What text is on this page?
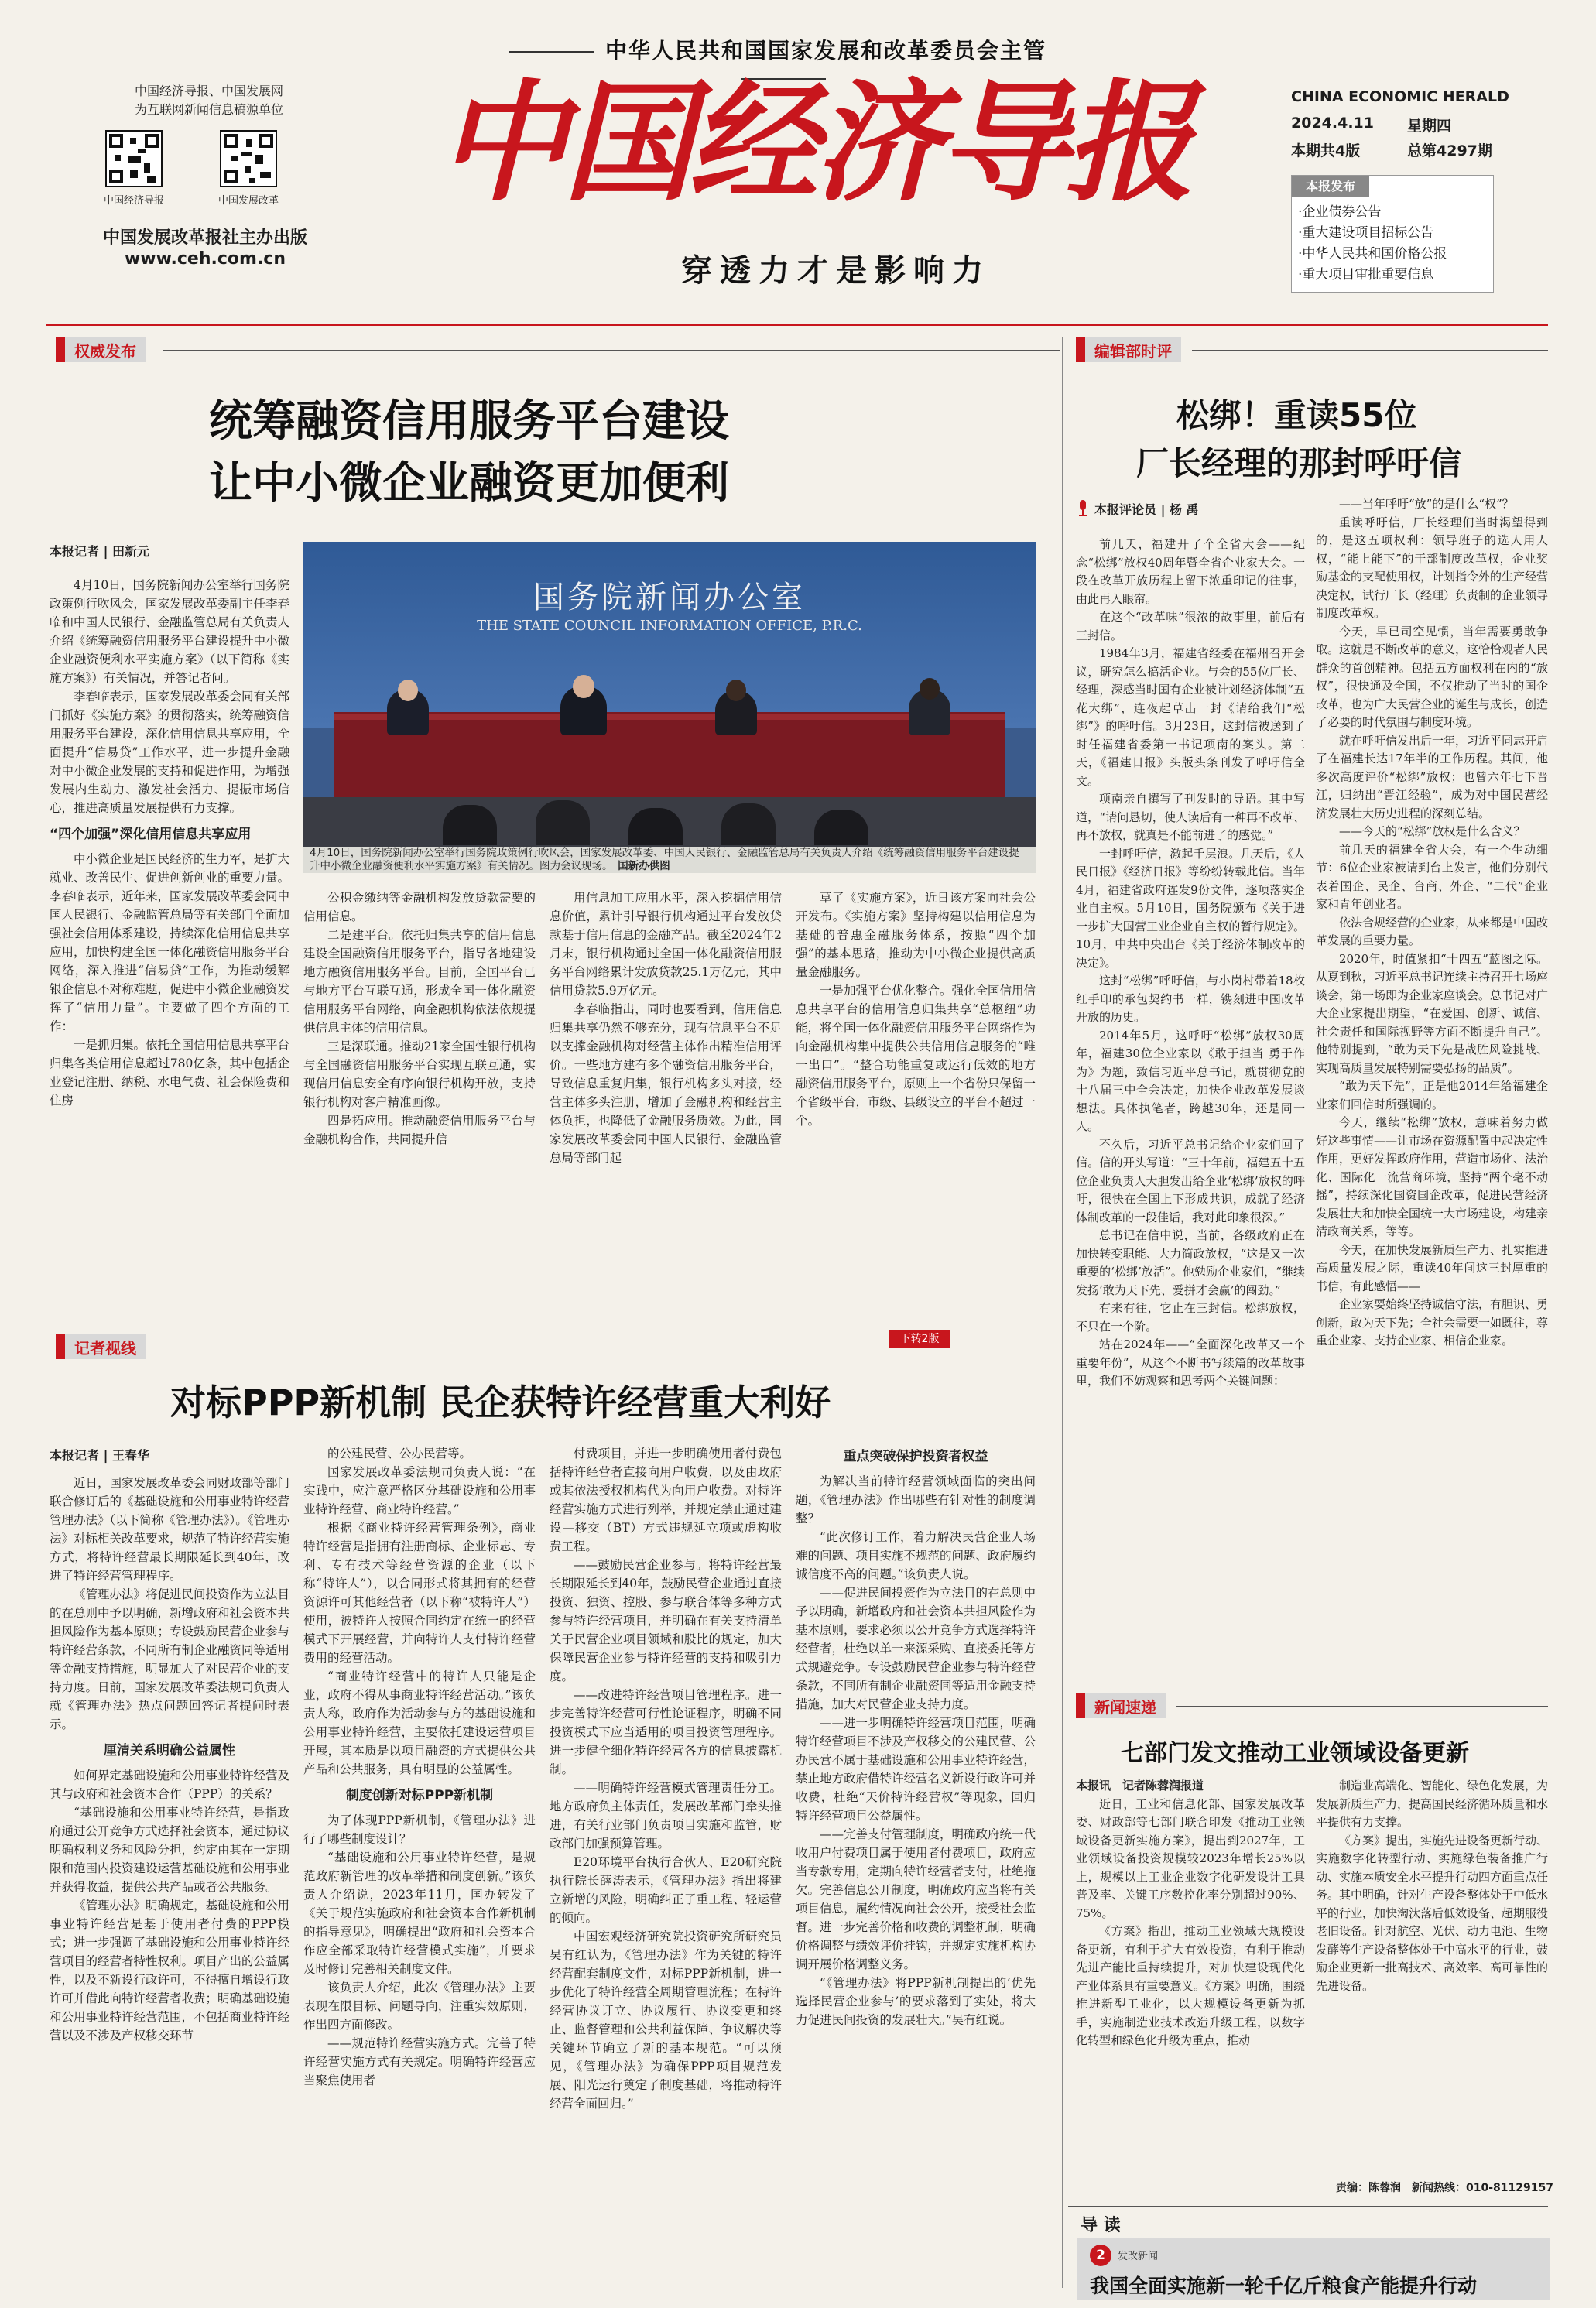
中华人民共和国国家发展和改革委员会主管
中国经济导报、中国发展网
为互联网新闻信息稿源单位
中国经济导报	中国发展改革
中国发展改革报社主办出版
www.ceh.com.cn
中国经济导报
穿透力才是影响力
CHINA ECONOMIC HERALD
2024.4.11 星期四
本期共4版	总第4297期
本报发布
·企业债券公告
·重大建设项目招标公告
·中华人民共和国价格公报
·重大项目审批重要信息
权威发布
统筹融资信用服务平台建设
让中小微企业融资更加便利
本报记者 | 田新元
国务院新闻办公室
THE STATE COUNCIL INFORMATION OFFICE, P.R.C.
4月10日，国务院新闻办公室举行国务院政策例行吹风会，国家发展改革委、中国人民银行、金融监管总局有关负责人介绍《统筹融资信用服务平台建设提升中小微企业融资便利水平实施方案》有关情况。图为会议现场。　 国新办供图

4月10日，国务院新闻办公室举行国务院政策例行吹风会，国家发展改革委副主任李春临和中国人民银行、金融监管总局有关负责人介绍《统筹融资信用服务平台建设提升中小微企业融资便利水平实施方案》（以下简称《实施方案》）有关情况，并答记者问。

李春临表示，国家发展改革委会同有关部门抓好《实施方案》的贯彻落实，统筹融资信用服务平台建设，深化信用信息共享应用，全面提升“信易贷”工作水平，进一步提升金融对中小微企业发展的支持和促进作用，为增强发展内生动力、激发社会活力、提振市场信心，推进高质量发展提供有力支撑。

“四个加强”深化信用信息共享应用

中小微企业是国民经济的生力军，是扩大就业、改善民生、促进创新创业的重要力量。李春临表示，近年来，国家发展改革委会同中国人民银行、金融监管总局等有关部门全面加强社会信用体系建设，持续深化信用信息共享应用，加快构建全国一体化融资信用服务平台网络，深入推进“信易贷”工作，为推动缓解银企信息不对称难题，促进中小微企业融资发挥了“信用力量”。主要做了四个方面的工作：

一是抓归集。依托全国信用信息共享平台归集各类信用信息超过780亿条，其中包括企业登记注册、纳税、水电气费、社会保险费和住房

公积金缴纳等金融机构发放贷款需要的信用信息。

二是建平台。依托归集共享的信用信息建设全国融资信用服务平台，指导各地建设地方融资信用服务平台。目前，全国平台已与地方平台互联互通，形成全国一体化融资信用服务平台网络，向金融机构依法依规提供信息主体的信用信息。

三是深联通。推动21家全国性银行机构与全国融资信用服务平台实现互联互通，实现信用信息安全有序向银行机构开放，支持银行机构对客户精准画像。

四是拓应用。推动融资信用服务平台与金融机构合作，共同提升信

用信息加工应用水平，深入挖掘信用信息价值，累计引导银行机构通过平台发放贷款基于信用信息的金融产品。截至2024年2月末，银行机构通过全国一体化融资信用服务平台网络累计发放贷款25.1万亿元，其中信用贷款5.9万亿元。

李春临指出，同时也要看到，信用信息归集共享仍然不够充分，现有信息平台不足以支撑金融机构对经营主体作出精准信用评价。一些地方建有多个融资信用服务平台，导致信息重复归集，银行机构多头对接，经营主体多头注册，增加了金融机构和经营主体负担，也降低了金融服务质效。为此，国家发展改革委会同中国人民银行、金融监管总局等部门起

草了《实施方案》，近日该方案向社会公开发布。《实施方案》坚持构建以信用信息为基础的普惠金融服务体系，按照“四个加强”的基本思路，推动为中小微企业提供高质量金融服务。

一是加强平台优化整合。强化全国信用信息共享平台的信用信息归集共享“总枢纽”功能，将全国一体化融资信用服务平台网络作为向金融机构集中提供公共信用信息服务的“唯一出口”。“整合功能重复或运行低效的地方融资信用服务平台，原则上一个省份只保留一个省级平台，市级、县级设立的平台不超过一个。

下转2版
记者视线
对标PPP新机制 民企获特许经营重大利好
本报记者 | 王春华

近日，国家发展改革委会同财政部等部门联合修订后的《基础设施和公用事业特许经营管理办法》（以下简称《管理办法》）。《管理办法》对标相关改革要求，规范了特许经营实施方式，将特许经营最长期限延长到40年，改进了特许经营管理程序。

《管理办法》将促进民间投资作为立法目的在总则中予以明确，新增政府和社会资本共担风险作为基本原则；专设鼓励民营企业参与特许经营条款，不同所有制企业融资同等适用等金融支持措施，明显加大了对民营企业的支持力度。日前，国家发展改革委法规司负责人就《管理办法》热点问题回答记者提问时表示。

厘清关系明确公益属性

如何界定基础设施和公用事业特许经营及其与政府和社会资本合作（PPP）的关系？

“基础设施和公用事业特许经营，是指政府通过公开竞争方式选择社会资本，通过协议明确权利义务和风险分担，约定由其在一定期限和范围内投资建设运营基础设施和公用事业并获得收益，提供公共产品或者公共服务。

《管理办法》明确规定，基础设施和公用事业特许经营是基于使用者付费的PPP模式；进一步强调了基础设施和公用事业特许经营项目的经营者特性权利。项目产出的公益属性，以及不新设行政许可，不得擅自增设行政许可并借此向特许经营者收费；明确基础设施和公用事业特许经营范围，不包括商业特许经营以及不涉及产权移交环节

的公建民营、公办民营等。

国家发展改革委法规司负责人说：“在实践中，应注意严格区分基础设施和公用事业特许经营、商业特许经营。”

根据《商业特许经营管理条例》，商业特许经营是指拥有注册商标、企业标志、专利、专有技术等经营资源的企业（以下称“特许人”），以合同形式将其拥有的经营资源许可其他经营者（以下称“被特许人”）使用，被特许人按照合同约定在统一的经营模式下开展经营，并向特许人支付特许经营费用的经营活动。

“商业特许经营中的特许人只能是企业，政府不得从事商业特许经营活动。”该负责人称，政府作为活动参与方的基础设施和公用事业特许经营，主要依托建设运营项目开展，其本质是以项目融资的方式提供公共产品和公共服务，具有明显的公益属性。

制度创新对标PPP新机制

为了体现PPP新机制，《管理办法》进行了哪些制度设计？

“基础设施和公用事业特许经营，是规范政府新管理的改革举措和制度创新。”该负责人介绍说，2023年11月，国办转发了《关于规范实施政府和社会资本合作新机制的指导意见》，明确提出“政府和社会资本合作应全部采取特许经营模式实施”，并要求及时修订完善相关制度文件。

该负责人介绍，此次《管理办法》主要表现在限目标、问题导向，注重实效原则，作出四方面修改。

——规范特许经营实施方式。完善了特许经营实施方式有关规定。明确特许经营应当聚焦使用者

付费项目，并进一步明确使用者付费包括特许经营者直接向用户收费，以及由政府或其依法授权机构代为向用户收费。对特许经营实施方式进行列举，并规定禁止通过建设—移交（BT）方式违规延立项或虚构收费工程。

——鼓励民营企业参与。将特许经营最长期限延长到40年，鼓励民营企业通过直接投资、独资、控股、参与联合体等多种方式参与特许经营项目，并明确在有关支持清单关于民营企业项目领域和股比的规定，加大保障民营企业参与特许经营的支持和吸引力度。

——改进特许经营项目管理程序。进一步完善特许经营可行性论证程序，明确不同投资模式下应当适用的项目投资管理程序。进一步健全细化特许经营各方的信息披露机制。

——明确特许经营模式管理责任分工。地方政府负主体责任，发展改革部门牵头推进，有关行业部门负责项目实施和监管，财政部门加强预算管理。

E20环境平台执行合伙人、E20研究院执行院长薛涛表示，《管理办法》指出将建立新增的风险，明确纠正了重工程、轻运营的倾向。

中国宏观经济研究院投资研究所研究员吴有红认为，《管理办法》作为关键的特许经营配套制度文件，对标PPP新机制，进一步优化了特许经营全周期管理流程；在特许经营协议订立、协议履行、协议变更和终止、监督管理和公共利益保障、争议解决等关键环节确立了新的基本规范。“可以预见，《管理办法》为确保PPP项目规范发展、阳光运行奠定了制度基础，将推动特许经营全面回归。”

重点突破保护投资者权益

为解决当前特许经营领域面临的突出问题，《管理办法》作出哪些有针对性的制度调整？

“此次修订工作，着力解决民营企业人场难的问题、项目实施不规范的问题、政府履约诚信度不高的问题。”该负责人说。

——促进民间投资作为立法目的在总则中予以明确，新增政府和社会资本共担风险作为基本原则，要求必须以公开竞争方式选择特许经营者，杜绝以单一来源采购、直接委托等方式规避竞争。专设鼓励民营企业参与特许经营条款，不同所有制企业融资同等适用金融支持措施，加大对民营企业支持力度。

——进一步明确特许经营项目范围，明确特许经营项目不涉及产权移交的公建民营、公办民营不属于基础设施和公用事业特许经营，禁止地方政府借特许经营名义新设行政许可并收费，杜绝“天价特许经营权”等现象，回归特许经营项目公益属性。

——完善支付管理制度，明确政府统一代收用户付费项目属于使用者付费项目，政府应当专款专用，定期向特许经营者支付，杜绝拖欠。完善信息公开制度，明确政府应当将有关项目信息，履约情况向社会公开，接受社会监督。进一步完善价格和收费的调整机制，明确价格调整与绩效评价挂钩，并规定实施机构协调开展价格调整义务。

“《管理办法》将PPP新机制提出的‘优先选择民营企业参与’的要求落到了实处，将大力促进民间投资的发展壮大。”吴有红说。

编辑部时评
松绑！重读55位
厂长经理的那封呼吁信
本报评论员 | 杨 禹

前几天，福建开了个全省大会——纪念“松绑”放权40周年暨全省企业家大会。一段在改革开放历程上留下浓重印记的往事，由此再入眼帘。

在这个“改革味”很浓的故事里，前后有三封信。

1984年3月，福建省经委在福州召开会议，研究怎么搞活企业。与会的55位厂长、经理，深感当时国有企业被计划经济体制“五花大绑”，连夜起草出一封《请给我们“松绑”》的呼吁信。3月23日，这封信被送到了时任福建省委第一书记项南的案头。第二天，《福建日报》头版头条刊发了呼吁信全文。

项南亲自撰写了刊发时的导语。其中写道，“请问恳切，使人读后有一种再不改革、再不放权，就真是不能前进了的感觉。”

一封呼吁信，激起千层浪。几天后，《人民日报》《经济日报》等纷纷转载此信。当年4月，福建省政府连发9份文件，逐项落实企业自主权。5月10日，国务院颁布《关于进一步扩大国营工业企业自主权的暂行规定》。10月，中共中央出台《关于经济体制改革的决定》。

这封“松绑”呼吁信，与小岗村带着18枚红手印的承包契约书一样，镌刻进中国改革开放的历史。

2014年5月，这呼吁“松绑”放权30周年，福建30位企业家以《敢于担当 勇于作为》为题，致信习近平总书记，就贯彻党的十八届三中全会决定，加快企业改革发展谈想法。具体执笔者，跨越30年，还是同一人。

不久后，习近平总书记给企业家们回了信。信的开头写道：“三十年前，福建五十五位企业负责人大胆发出给企业‘松绑’放权的呼吁，很快在全国上下形成共识，成就了经济体制改革的一段佳话，我对此印象很深。”

总书记在信中说，当前，各级政府正在加快转变职能、大力简政放权，“这是又一次重要的‘松绑’放活”。他勉励企业家们，“继续发扬‘敢为天下先、爱拼才会赢’的闯劲。”

有来有往，它止在三封信。松绑放权，不只在一个阶。

站在2024年——“全面深化改革又一个重要年份”，从这个不断书写续篇的改革故事里，我们不妨观察和思考两个关键问题：

——当年呼吁“放”的是什么“权”？

重读呼吁信，厂长经理们当时渴望得到的，是这五项权利：领导班子的选人用人权，“能上能下”的干部制度改革权，企业奖励基金的支配使用权，计划指令外的生产经营决定权，试行厂长（经理）负责制的企业领导制度改革权。

今天，早已司空见惯，当年需要勇敢争取。这就是不断改革的意义，这恰恰观者人民群众的首创精神。包括五方面权利在内的“放权”，很快通及全国，不仅推动了当时的国企改革，也为广大民营企业的诞生与成长，创造了必要的时代氛围与制度环境。

就在呼吁信发出后一年，习近平同志开启了在福建长达17年半的工作历程。其间，他多次高度评价“松绑”放权；也曾六年七下晋江，归纳出“晋江经验”，成为对中国民营经济发展壮大历史进程的深刻总结。

——今天的“松绑”放权是什么含义？

前几天的福建全省大会，有一个生动细节：6位企业家被请到台上发言，他们分别代表着国企、民企、台商、外企、“二代”企业家和青年创业者。

依法合规经营的企业家，从来都是中国改革发展的重要力量。

2020年，时值紧扣“十四五”蓝图之际。从夏到秋，习近平总书记连续主持召开七场座谈会，第一场即为企业家座谈会。总书记对广大企业家提出期望，“在爱国、创新、诚信、社会责任和国际视野等方面不断提升自己”。他特别提到，“敢为天下先是战胜风险挑战、实现高质量发展特别需要弘扬的品质”。

“敢为天下先”，正是他2014年给福建企业家们回信时所强调的。

今天，继续“松绑”放权，意味着努力做好这些事情——让市场在资源配置中起决定性作用，更好发挥政府作用，营造市场化、法治化、国际化一流营商环境，坚持“两个毫不动摇”，持续深化国资国企改革，促进民营经济发展壮大和加快全国统一大市场建设，构建亲清政商关系，等等。

今天，在加快发展新质生产力、扎实推进高质量发展之际，重读40年间这三封厚重的书信，有此感悟——

企业家要始终坚持诚信守法，有胆识、勇创新，敢为天下先；全社会需要一如既往，尊重企业家、支持企业家、相信企业家。

新闻速递
七部门发文推动工业领域设备更新
本报讯　记者陈蓉润报道

近日，工业和信息化部、国家发展改革委、财政部等七部门联合印发《推动工业领域设备更新实施方案》，提出到2027年，工业领域设备投资规模较2023年增长25%以上，规模以上工业企业数字化研发设计工具普及率、关键工序数控化率分别超过90%、75%。

《方案》指出，推动工业领域大规模设备更新，有利于扩大有效投资，有利于推动先进产能比重持续提升，对加快建设现代化产业体系具有重要意义。《方案》明确，围绕推进新型工业化，以大规模设备更新为抓手，实施制造业技术改造升级工程，以数字化转型和绿色化升级为重点，推动

制造业高端化、智能化、绿色化发展，为发展新质生产力，提高国民经济循环质量和水平提供有力支撑。

《方案》提出，实施先进设备更新行动、实施数字化转型行动、实施绿色装备推广行动、实施本质安全水平提升行动四方面重点任务。其中明确，针对生产设备整体处于中低水平的行业，加快淘汰落后低效设备、超期服役老旧设备。针对航空、光伏、动力电池、生物发酵等生产设备整体处于中高水平的行业，鼓励企业更新一批高技术、高效率、高可靠性的先进设备。

责编：陈蓉润　新闻热线：010-81129157
导 读
2	发改新闻
我国全面实施新一轮千亿斤粮食产能提升行动
